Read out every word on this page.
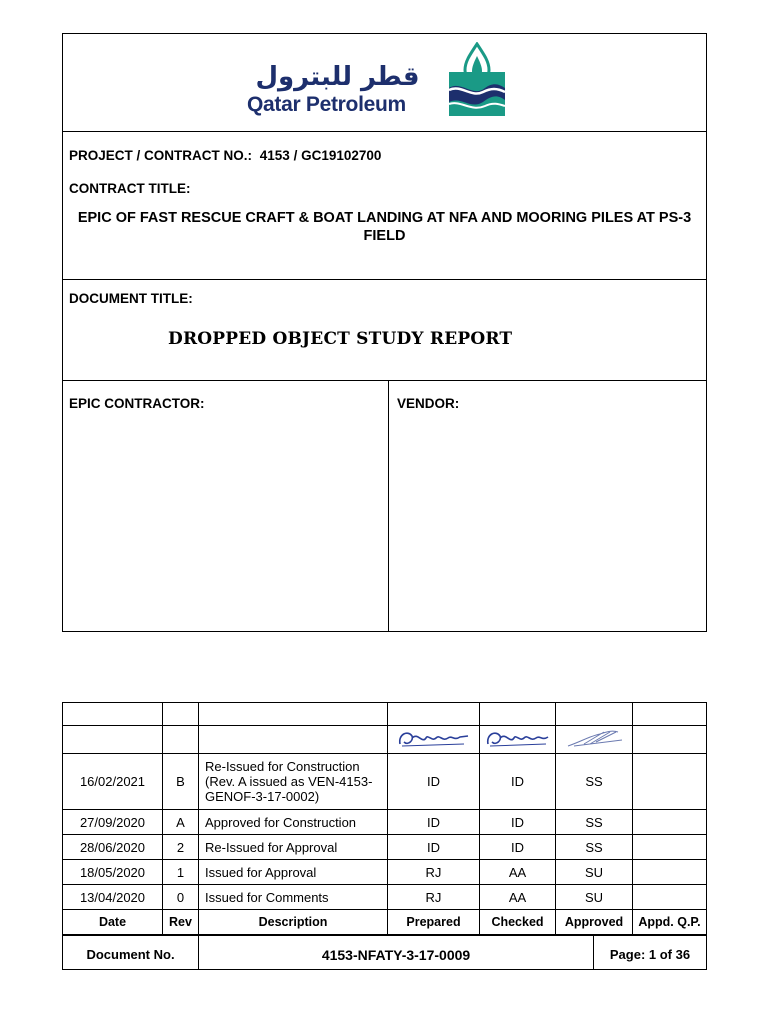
قطر للبترول
Qatar Petroleum
PROJECT / CONTRACT NO.: 4153 / GC19102700
CONTRACT TITLE:
EPIC OF FAST RESCUE CRAFT & BOAT LANDING AT NFA AND MOORING PILES AT PS-3 FIELD
DOCUMENT TITLE:
DROPPED OBJECT STUDY REPORT
EPIC CONTRACTOR:	VENDOR:

16/02/2021	B	Re-Issued for Construction (Rev. A issued as VEN-4153-GENOF-3-17-0002)	ID	ID	SS	
27/09/2020	A	Approved for Construction	ID	ID	SS	
28/06/2020	2	Re-Issued for Approval	ID	ID	SS	
18/05/2020	1	Issued for Approval	RJ	AA	SU	
13/04/2020	0	Issued for Comments	RJ	AA	SU	
Date	Rev	Description	Prepared	Checked	Approved	Appd. Q.P.
Document No.	4153-NFATY-3-17-0009	Page: 1 of 36
